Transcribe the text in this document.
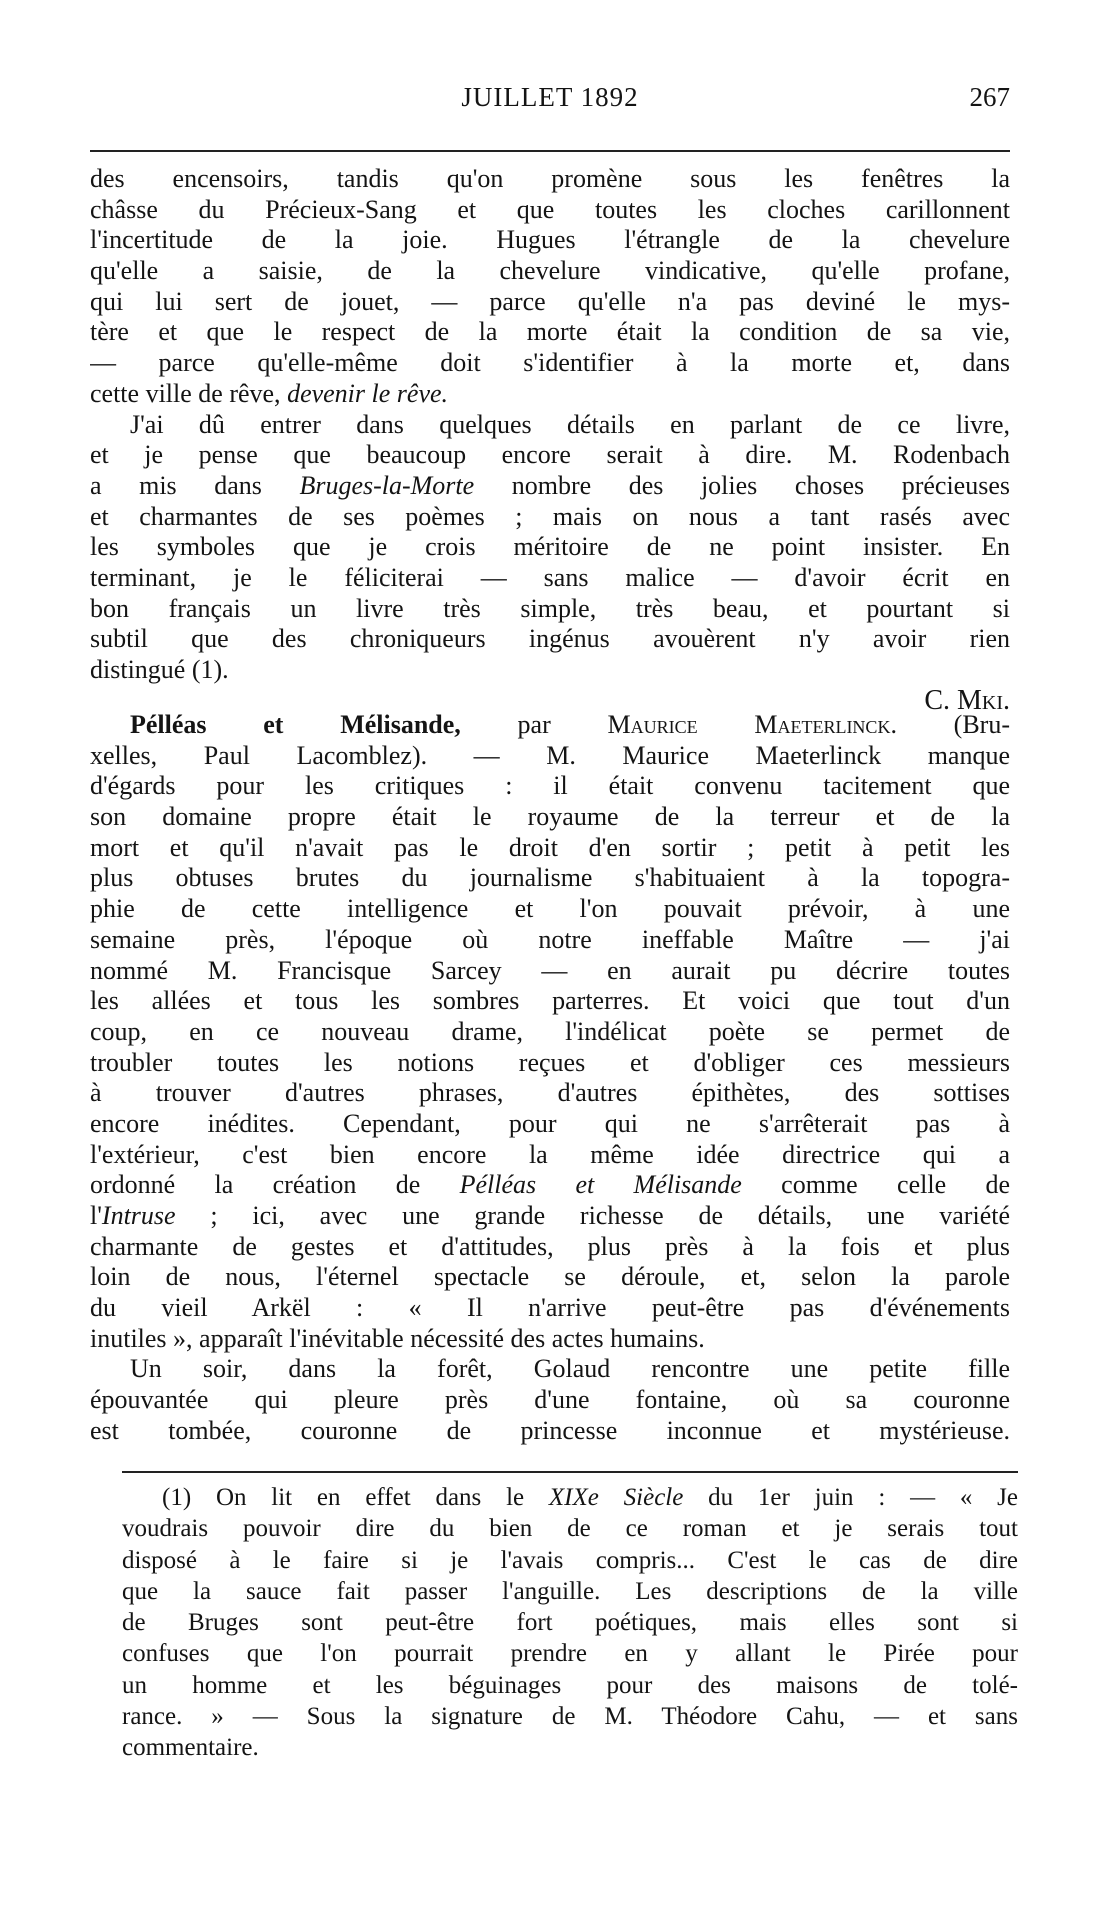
JUILLET 1892	267

des encensoirs, tandis qu'on promène sous les fenêtres la

châsse du Précieux-Sang et que toutes les cloches carillonnent

l'incertitude de la joie. Hugues l'étrangle de la chevelure

qu'elle a saisie, de la chevelure vindicative, qu'elle profane,

qui lui sert de jouet, — parce qu'elle n'a pas deviné le mys-

tère et que le respect de la morte était la condition de sa vie,

— parce qu'elle-même doit s'identifier à la morte et, dans

cette ville de rêve, devenir le rêve.

J'ai dû entrer dans quelques détails en parlant de ce livre,

et je pense que beaucoup encore serait à dire. M. Rodenbach

a mis dans Bruges-la-Morte nombre des jolies choses précieuses

et charmantes de ses poèmes ; mais on nous a tant rasés avec

les symboles que je crois méritoire de ne point insister. En

terminant, je le féliciterai — sans malice — d'avoir écrit en

bon français un livre très simple, très beau, et pourtant si

subtil que des chroniqueurs ingénus avouèrent n'y avoir rien

distingué (1).

C. Mki.

Pélléas et Mélisande, par Maurice Maeterlinck. (Bru-

xelles, Paul Lacomblez). — M. Maurice Maeterlinck manque

d'égards pour les critiques : il était convenu tacitement que

son domaine propre était le royaume de la terreur et de la

mort et qu'il n'avait pas le droit d'en sortir ; petit à petit les

plus obtuses brutes du journalisme s'habituaient à la topogra-

phie de cette intelligence et l'on pouvait prévoir, à une

semaine près, l'époque où notre ineffable Maître — j'ai

nommé M. Francisque Sarcey — en aurait pu décrire toutes

les allées et tous les sombres parterres. Et voici que tout d'un

coup, en ce nouveau drame, l'indélicat poète se permet de

troubler toutes les notions reçues et d'obliger ces messieurs

à trouver d'autres phrases, d'autres épithètes, des sottises

encore inédites. Cependant, pour qui ne s'arrêterait pas à

l'extérieur, c'est bien encore la même idée directrice qui a

ordonné la création de Pélléas et Mélisande comme celle de

l'Intruse ; ici, avec une grande richesse de détails, une variété

charmante de gestes et d'attitudes, plus près à la fois et plus

loin de nous, l'éternel spectacle se déroule, et, selon la parole

du vieil Arkël : « Il n'arrive peut-être pas d'événements

inutiles », apparaît l'inévitable nécessité des actes humains.

Un soir, dans la forêt, Golaud rencontre une petite fille

épouvantée qui pleure près d'une fontaine, où sa couronne

est tombée, couronne de princesse inconnue et mystérieuse.

(1) On lit en effet dans le XIXe Siècle du 1er juin : — « Je

voudrais pouvoir dire du bien de ce roman et je serais tout

disposé à le faire si je l'avais compris... C'est le cas de dire

que la sauce fait passer l'anguille. Les descriptions de la ville

de Bruges sont peut-être fort poétiques, mais elles sont si

confuses que l'on pourrait prendre en y allant le Pirée pour

un homme et les béguinages pour des maisons de tolé-

rance. » — Sous la signature de M. Théodore Cahu, — et sans

commentaire.
